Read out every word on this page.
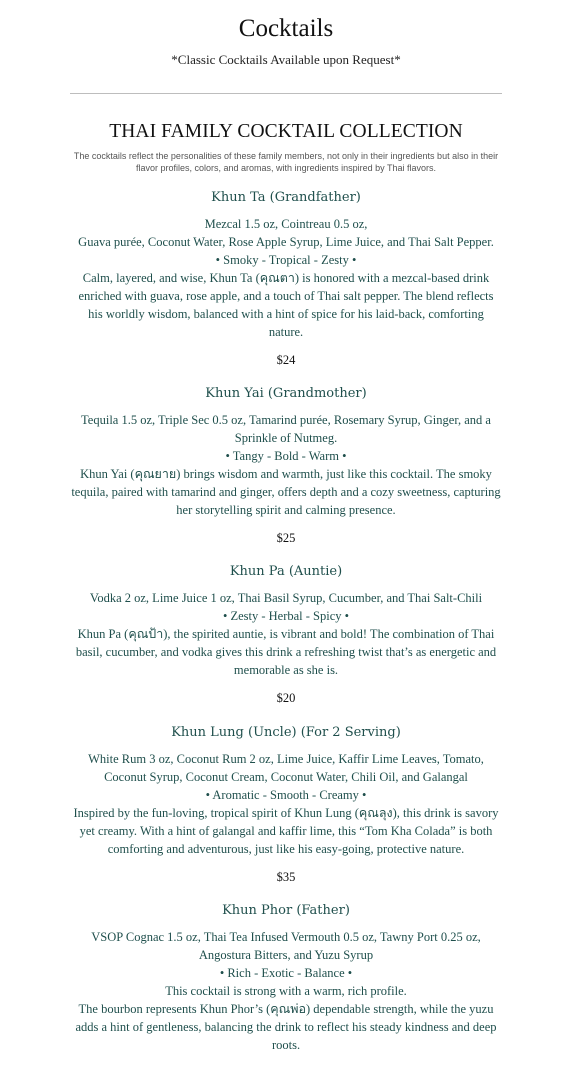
Cocktails
*Classic Cocktails Available upon Request*
THAI FAMILY COCKTAIL COLLECTION
The cocktails reflect the personalities of these family members, not only in their ingredients but also in their flavor profiles, colors, and aromas, with ingredients inspired by Thai flavors.
Khun Ta (Grandfather)
Mezcal 1.5 oz, Cointreau 0.5 oz,
Guava purée, Coconut Water, Rose Apple Syrup, Lime Juice, and Thai Salt Pepper.
• Smoky - Tropical - Zesty •
Calm, layered, and wise, Khun Ta (คุณตา) is honored with a mezcal-based drink enriched with guava, rose apple, and a touch of Thai salt pepper. The blend reflects his worldly wisdom, balanced with a hint of spice for his laid-back, comforting nature.
$24
Khun Yai (Grandmother)
Tequila 1.5 oz, Triple Sec 0.5 oz, Tamarind purée, Rosemary Syrup, Ginger, and a Sprinkle of Nutmeg.
• Tangy - Bold - Warm •
Khun Yai (คุณยาย) brings wisdom and warmth, just like this cocktail. The smoky tequila, paired with tamarind and ginger, offers depth and a cozy sweetness, capturing her storytelling spirit and calming presence.
$25
Khun Pa (Auntie)
Vodka 2 oz, Lime Juice 1 oz, Thai Basil Syrup, Cucumber, and Thai Salt-Chili
• Zesty - Herbal - Spicy •
Khun Pa (คุณป้า), the spirited auntie, is vibrant and bold! The combination of Thai basil, cucumber, and vodka gives this drink a refreshing twist that’s as energetic and memorable as she is.
$20
Khun Lung (Uncle) (For 2 Serving)
White Rum 3 oz, Coconut Rum 2 oz, Lime Juice, Kaffir Lime Leaves, Tomato, Coconut Syrup, Coconut Cream, Coconut Water, Chili Oil, and Galangal
• Aromatic - Smooth - Creamy •
Inspired by the fun-loving, tropical spirit of Khun Lung (คุณลุง), this drink is savory yet creamy. With a hint of galangal and kaffir lime, this “Tom Kha Colada” is both comforting and adventurous, just like his easy-going, protective nature.
$35
Khun Phor (Father)
VSOP Cognac 1.5 oz, Thai Tea Infused Vermouth 0.5 oz, Tawny Port 0.25 oz, Angostura Bitters, and Yuzu Syrup
• Rich - Exotic - Balance •
This cocktail is strong with a warm, rich profile.
The bourbon represents Khun Phor’s (คุณพ่อ) dependable strength, while the yuzu adds a hint of gentleness, balancing the drink to reflect his steady kindness and deep roots.
